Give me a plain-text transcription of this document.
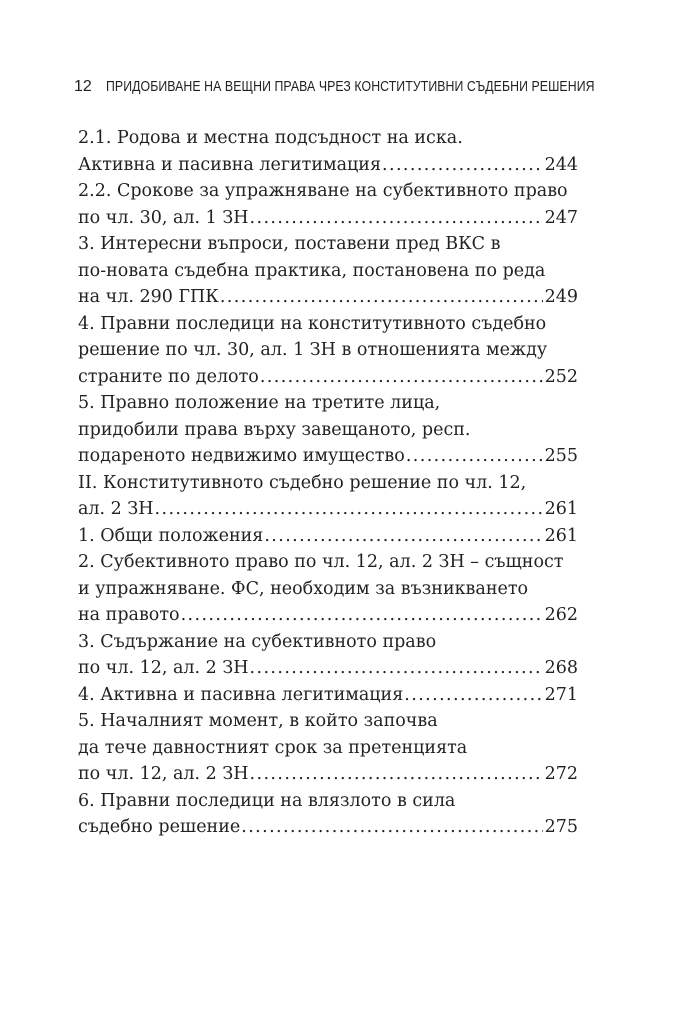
12 ПРИДОБИВАНЕ НА ВЕЩНИ ПРАВА ЧРЕЗ КОНСТИТУТИВНИ СЪДЕБНИ РЕШЕНИЯ
2.1. Родова и местна подсъдност на иска.
Активна и пасивна легитимация .....	244
2.2. Срокове за упражняване на субективното право
по чл. 30, ал. 1 ЗН .....	247
3. Интересни въпроси, поставени пред ВКС в
по-новата съдебна практика, постановена по реда
на чл. 290 ГПК .....	249
4. Правни последици на конститутивното съдебно
решение по чл. 30, ал. 1 ЗН в отношенията между
страните по делото .....	252
5. Правно положение на третите лица,
придобили права върху завещаното, респ.
подареното недвижимо имущество .....	255
II. Конститутивното съдебно решение по чл. 12,
ал. 2 ЗН .....	261
1. Общи положения .....	261
2. Субективното право по чл. 12, ал. 2 ЗН – същност
и упражняване. ФС, необходим за възникването
на правото .....	262
3. Съдържание на субективното право
по чл. 12, ал. 2 ЗН .....	268
4. Активна и пасивна легитимация .....	271
5. Началният момент, в който започва
да тече давностният срок за претенцията
по чл. 12, ал. 2 ЗН .....	272
6. Правни последици на влязлото в сила
съдебно решение .....	275
